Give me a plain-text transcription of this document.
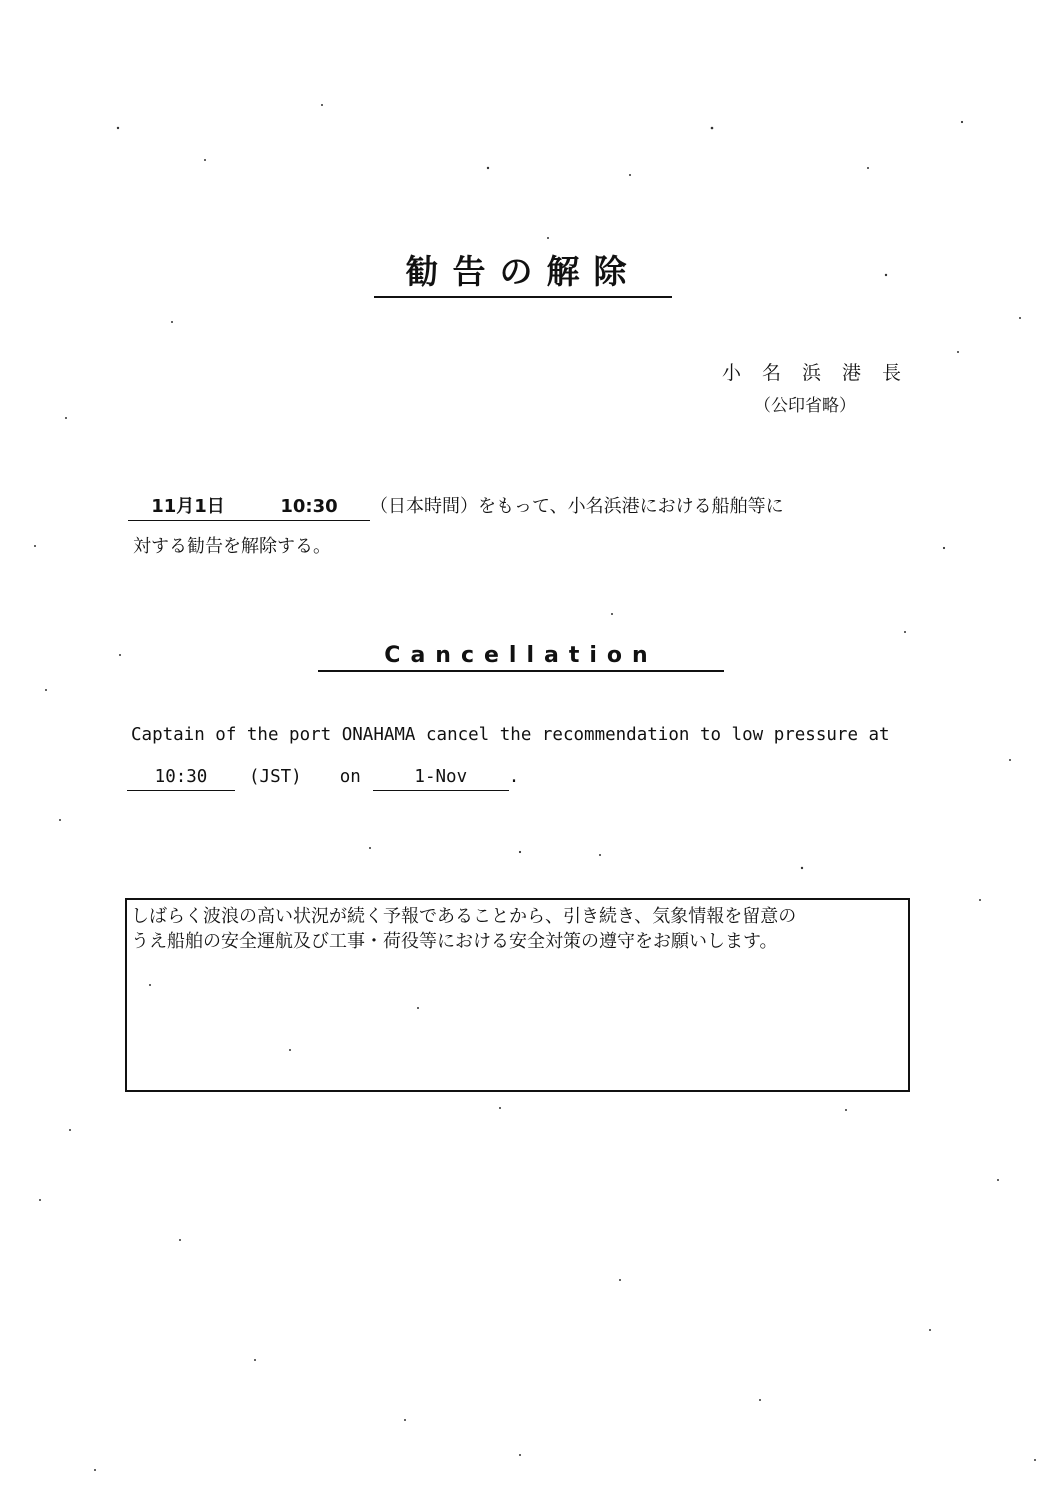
勧告の解除
小名浜港長
（公印省略）
11月1日	10:30 （日本時間）をもって、小名浜港における船舶等に
対する勧告を解除する。
Cancellation
Captain of the port ONAHAMA cancel the recommendation to low pressure at
10:30 (JST) on	1-Nov .
しばらく波浪の高い状況が続く予報であることから、引き続き、気象情報を留意の
うえ船舶の安全運航及び工事・荷役等における安全対策の遵守をお願いします。
